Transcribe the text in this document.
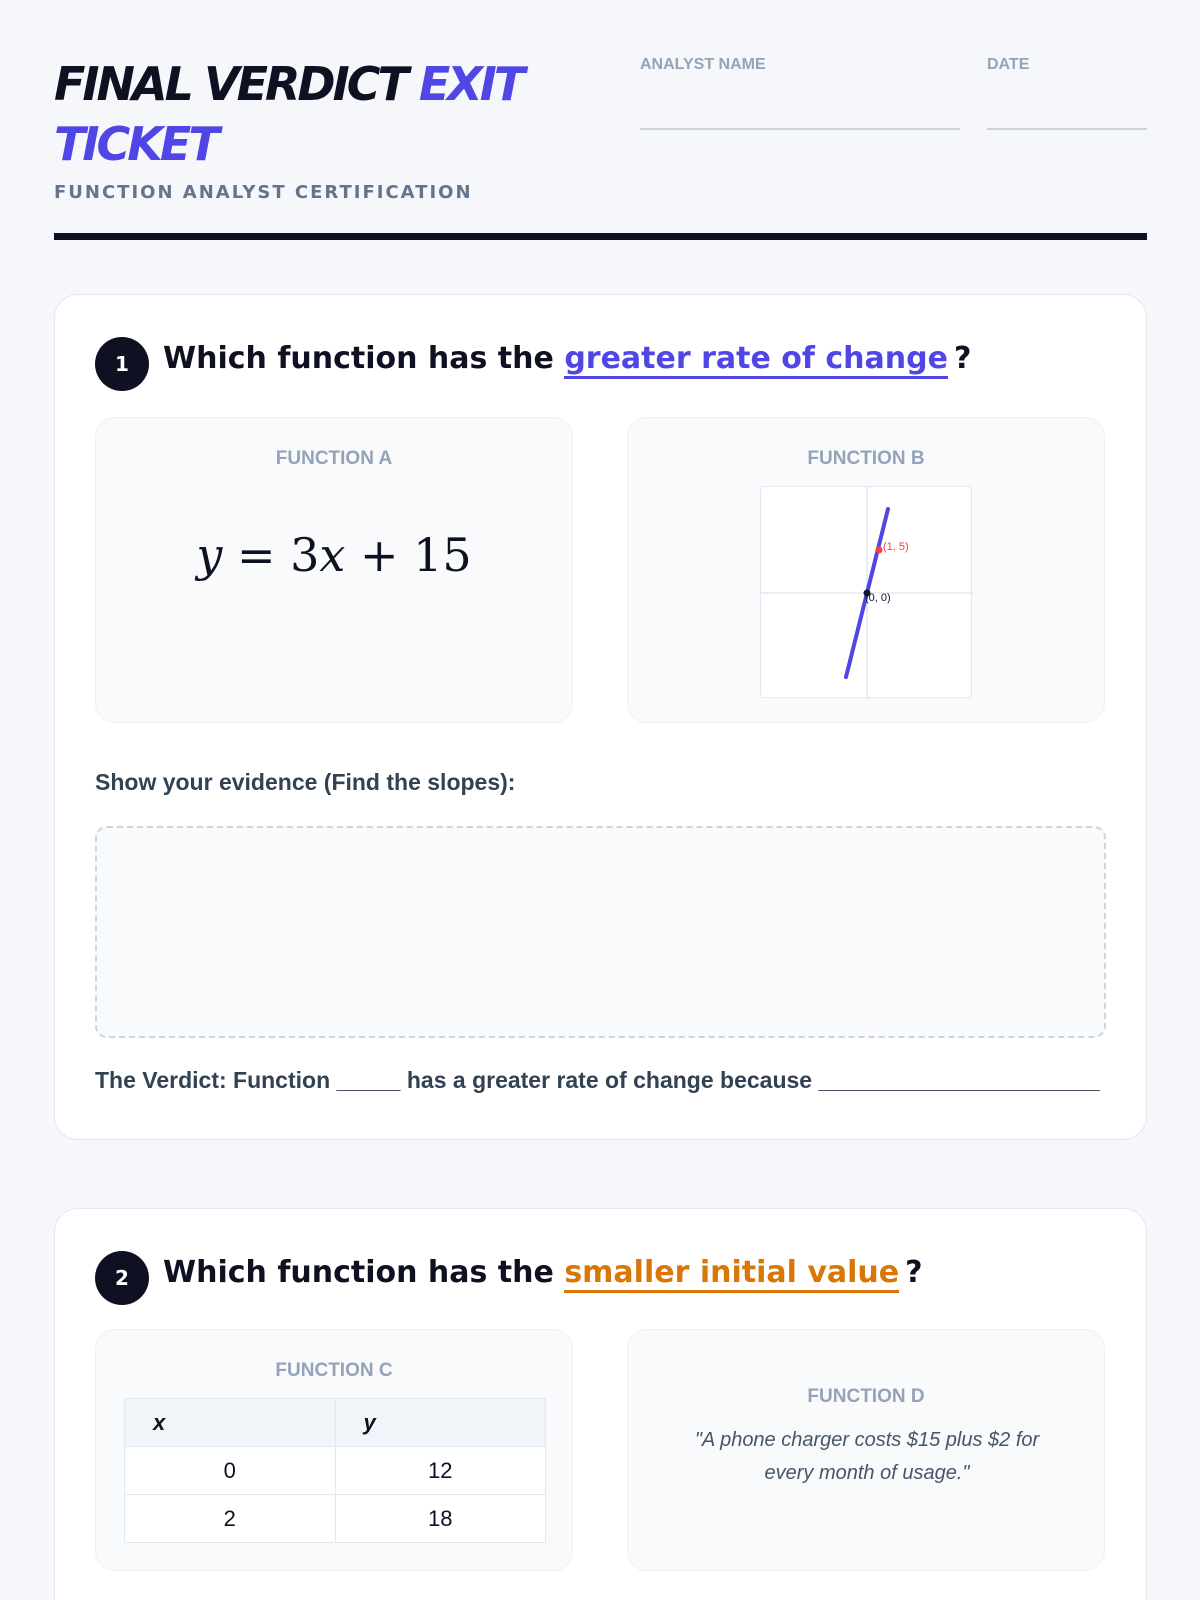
FINAL VERDICT EXIT
TICKET
FUNCTION ANALYST CERTIFICATION
ANALYST NAME	DATE
1	Which function has the greater rate of change ?
FUNCTION A
y = 3x + 15
FUNCTION B
(1, 5)
(0, 0)
Show your evidence (Find the slopes):
The Verdict: Function _____ has a greater rate of change because ______________________
2	Which function has the smaller initial value ?
FUNCTION C
x	y
0	12
2	18
FUNCTION D
"A phone charger costs $15 plus $2 for every month of usage."
